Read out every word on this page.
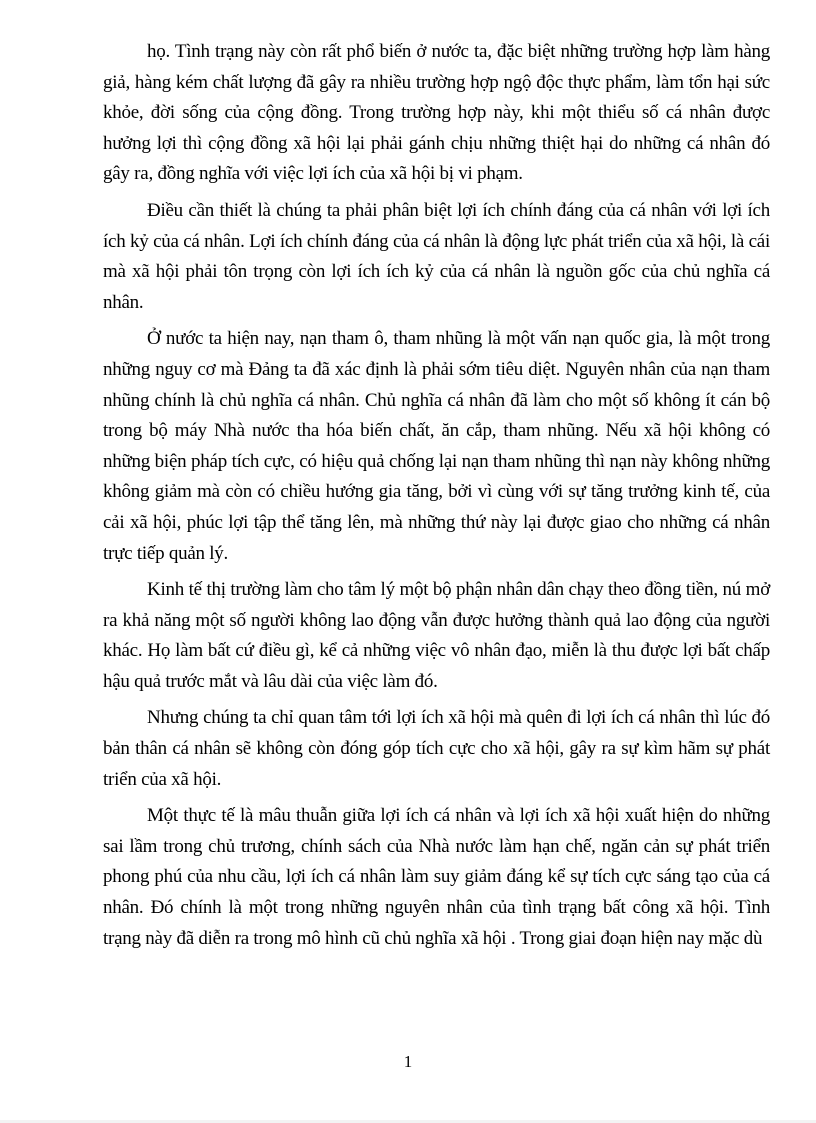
họ. Tình trạng này còn rất phổ biến ở nước ta, đặc biệt những trường hợp làm hàng giả, hàng kém chất lượng đã gây ra nhiều trường hợp ngộ độc thực phẩm, làm tổn hại sức khỏe, đời sống của cộng đồng. Trong trường hợp này, khi một thiểu số cá nhân được hưởng lợi thì cộng đồng xã hội lại phải gánh chịu những thiệt hại do những cá nhân đó gây ra, đồng nghĩa với việc lợi ích của xã hội bị vi phạm.

Điều cần thiết là chúng ta phải phân biệt lợi ích chính đáng của cá nhân với lợi ích ích kỷ của cá nhân. Lợi ích chính đáng của cá nhân là động lực phát triển của xã hội, là cái mà xã hội phải tôn trọng còn lợi ích ích kỷ của cá nhân là nguồn gốc của chủ nghĩa cá nhân.

Ở nước ta hiện nay, nạn tham ô, tham nhũng là một vấn nạn quốc gia, là một trong những nguy cơ mà Đảng ta đã xác định là phải sớm tiêu diệt. Nguyên nhân của nạn tham nhũng chính là chủ nghĩa cá nhân. Chủ nghĩa cá nhân đã làm cho một số không ít cán bộ trong bộ máy Nhà nước tha hóa biến chất, ăn cắp, tham nhũng. Nếu xã hội không có những biện pháp tích cực, có hiệu quả chống lại nạn tham nhũng thì nạn này không những không giảm mà còn có chiều hướng gia tăng, bởi vì cùng với sự tăng trưởng kinh tế, của cải xã hội, phúc lợi tập thể tăng lên, mà những thứ này lại được giao cho những cá nhân trực tiếp quản lý.

Kinh tế thị trường làm cho tâm lý một bộ phận nhân dân chạy theo đồng tiền, nú mở ra khả năng một số người không lao động vẫn được hưởng thành quả lao động của người khác. Họ làm bất cứ điều gì, kể cả những việc vô nhân đạo, miễn là thu được lợi bất chấp hậu quả trước mắt và lâu dài của việc làm đó.

Nhưng chúng ta chỉ quan tâm tới lợi ích xã hội mà quên đi lợi ích cá nhân thì lúc đó bản thân cá nhân sẽ không còn đóng góp tích cực cho xã hội, gây ra sự kìm hãm sự phát triển của xã hội.

Một thực tế là mâu thuẫn giữa lợi ích cá nhân và lợi ích xã hội xuất hiện do những sai lầm trong chủ trương, chính sách của Nhà nước làm hạn chế, ngăn cản sự phát triển phong phú của nhu cầu, lợi ích cá nhân làm suy giảm đáng kể sự tích cực sáng tạo của cá nhân. Đó chính là một trong những nguyên nhân của tình trạng bất công xã hội. Tình trạng này đã diễn ra trong mô hình cũ chủ nghĩa xã hội . Trong giai đoạn hiện nay mặc dù

1
